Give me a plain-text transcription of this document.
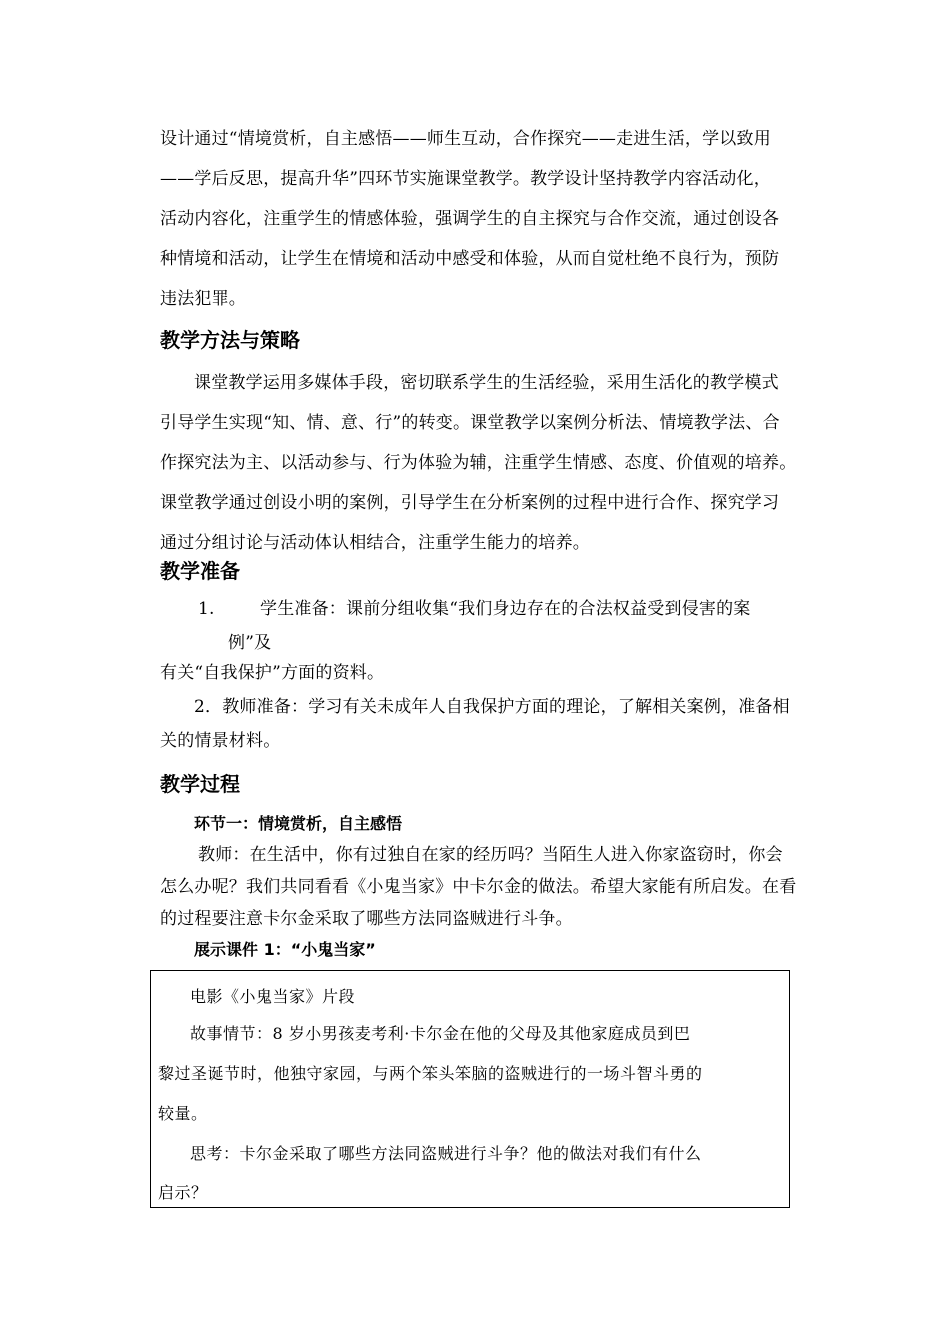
设计通过“情境赏析，自主感悟——师生互动，合作探究——走进生活，学以致用
——学后反思，提高升华”四环节实施课堂教学。教学设计坚持教学内容活动化，
活动内容化，注重学生的情感体验，强调学生的自主探究与合作交流，通过创设各
种情境和活动，让学生在情境和活动中感受和体验，从而自觉杜绝不良行为，预防
违法犯罪。
教学方法与策略
课堂教学运用多媒体手段，密切联系学生的生活经验，采用生活化的教学模式
引导学生实现“知、情、意、行”的转变。课堂教学以案例分析法、情境教学法、合
作探究法为主、以活动参与、行为体验为辅，注重学生情感、态度、价值观的培养。
课堂教学通过创设小明的案例，引导学生在分析案例的过程中进行合作、探究学习
通过分组讨论与活动体认相结合，注重学生能力的培养。
教学准备
1.	学生准备：课前分组收集“我们身边存在的合法权益受到侵害的案
例”及
有关“自我保护”方面的资料。
2．教师准备：学习有关未成年人自我保护方面的理论，了解相关案例，准备相
关的情景材料。
教学过程
环节一：情境赏析，自主感悟
教师：在生活中，你有过独自在家的经历吗？当陌生人进入你家盗窃时，你会
怎么办呢？我们共同看看《小鬼当家》中卡尔金的做法。希望大家能有所启发。在看
的过程要注意卡尔金采取了哪些方法同盗贼进行斗争。
展示课件 1：“小鬼当家”
电影《小鬼当家》片段
故事情节：8 岁小男孩麦考利·卡尔金在他的父母及其他家庭成员到巴
黎过圣诞节时，他独守家园，与两个笨头笨脑的盗贼进行的一场斗智斗勇的
较量。
思考：卡尔金采取了哪些方法同盗贼进行斗争？他的做法对我们有什么
启示？
